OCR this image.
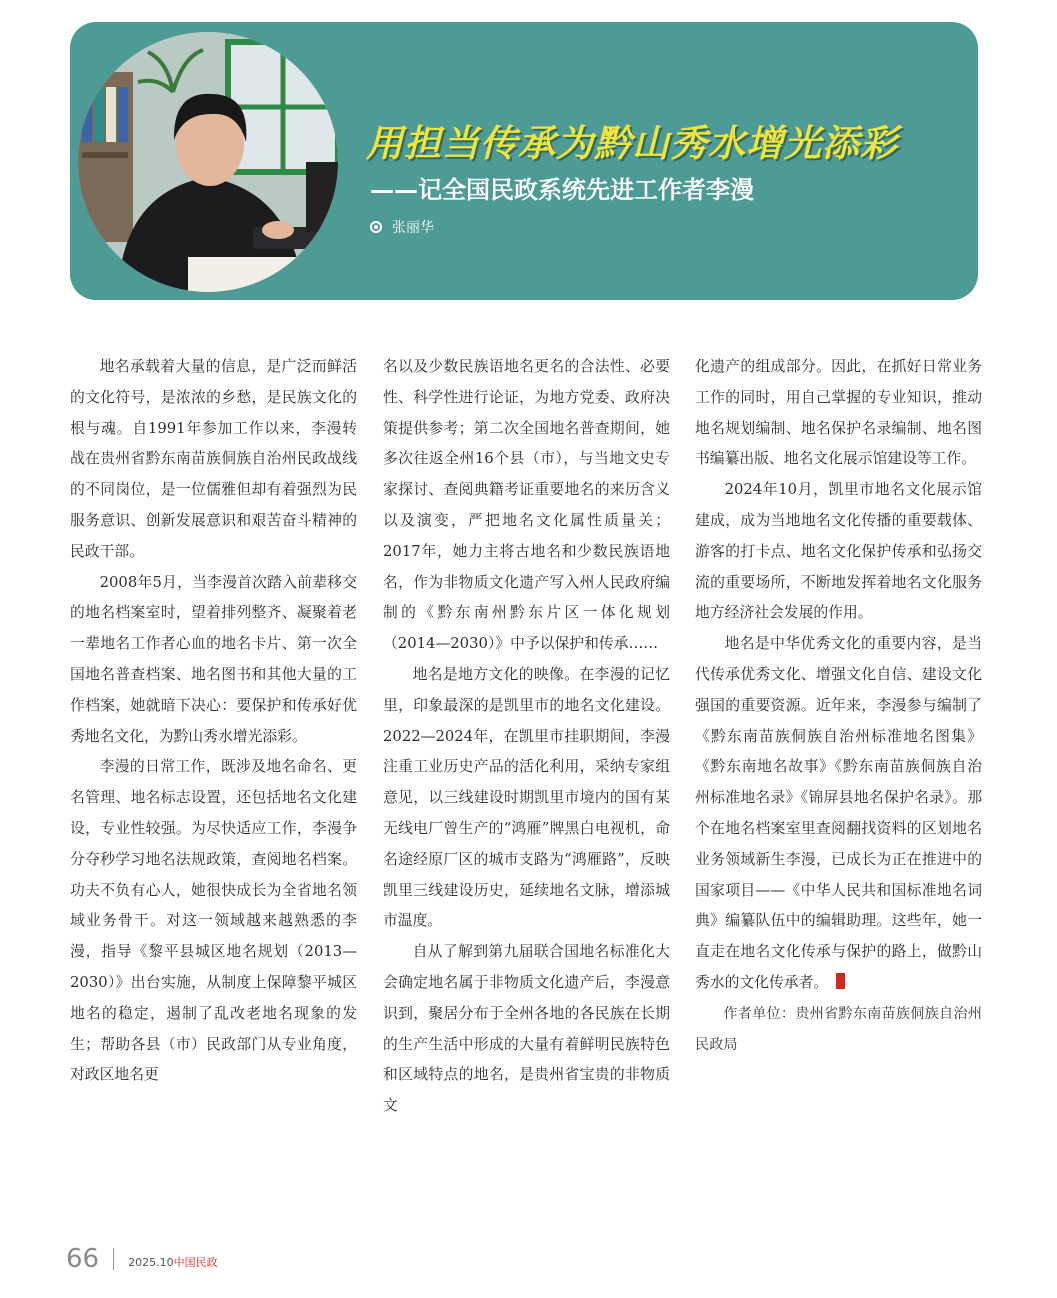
用担当传承为黔山秀水增光添彩
——记全国民政系统先进工作者李漫
张丽华

地名承载着大量的信息，是广泛而鲜活的文化符号，是浓浓的乡愁，是民族文化的根与魂。自1991年参加工作以来，李漫转战在贵州省黔东南苗族侗族自治州民政战线的不同岗位，是一位儒雅但却有着强烈为民服务意识、创新发展意识和艰苦奋斗精神的民政干部。

2008年5月，当李漫首次踏入前辈移交的地名档案室时，望着排列整齐、凝聚着老一辈地名工作者心血的地名卡片、第一次全国地名普查档案、地名图书和其他大量的工作档案，她就暗下决心：要保护和传承好优秀地名文化，为黔山秀水增光添彩。

李漫的日常工作，既涉及地名命名、更名管理、地名标志设置，还包括地名文化建设，专业性较强。为尽快适应工作，李漫争分夺秒学习地名法规政策，查阅地名档案。功夫不负有心人，她很快成长为全省地名领域业务骨干。对这一领域越来越熟悉的李漫，指导《黎平县城区地名规划（2013—2030）》出台实施，从制度上保障黎平城区地名的稳定，遏制了乱改老地名现象的发生；帮助各县（市）民政部门从专业角度，对政区地名更

名以及少数民族语地名更名的合法性、必要性、科学性进行论证，为地方党委、政府决策提供参考；第二次全国地名普查期间，她多次往返全州16个县（市），与当地文史专家探讨、查阅典籍考证重要地名的来历含义以及演变，严把地名文化属性质量关；2017年，她力主将古地名和少数民族语地名，作为非物质文化遗产写入州人民政府编制的《黔东南州黔东片区一体化规划（2014—2030）》中予以保护和传承……

地名是地方文化的映像。在李漫的记忆里，印象最深的是凯里市的地名文化建设。2022—2024年，在凯里市挂职期间，李漫注重工业历史产品的活化利用，采纳专家组意见，以三线建设时期凯里市境内的国有某无线电厂曾生产的“鸿雁”牌黑白电视机，命名途经原厂区的城市支路为“鸿雁路”，反映凯里三线建设历史，延续地名文脉，增添城市温度。

自从了解到第九届联合国地名标准化大会确定地名属于非物质文化遗产后，李漫意识到，聚居分布于全州各地的各民族在长期的生产生活中形成的大量有着鲜明民族特色和区域特点的地名，是贵州省宝贵的非物质文

化遗产的组成部分。因此，在抓好日常业务工作的同时，用自己掌握的专业知识，推动地名规划编制、地名保护名录编制、地名图书编纂出版、地名文化展示馆建设等工作。

2024年10月，凯里市地名文化展示馆建成，成为当地地名文化传播的重要载体、游客的打卡点、地名文化保护传承和弘扬交流的重要场所，不断地发挥着地名文化服务地方经济社会发展的作用。

地名是中华优秀文化的重要内容，是当代传承优秀文化、增强文化自信、建设文化强国的重要资源。近年来，李漫参与编制了《黔东南苗族侗族自治州标准地名图集》《黔东南地名故事》《黔东南苗族侗族自治州标准地名录》《锦屏县地名保护名录》。那个在地名档案室里查阅翻找资料的区划地名业务领域新生李漫，已成长为正在推进中的国家项目——《中华人民共和国标准地名词典》编纂队伍中的编辑助理。这些年，她一直走在地名文化传承与保护的路上，做黔山秀水的文化传承者。

作者单位：贵州省黔东南苗族侗族自治州民政局

66	2025.10 中国民政
